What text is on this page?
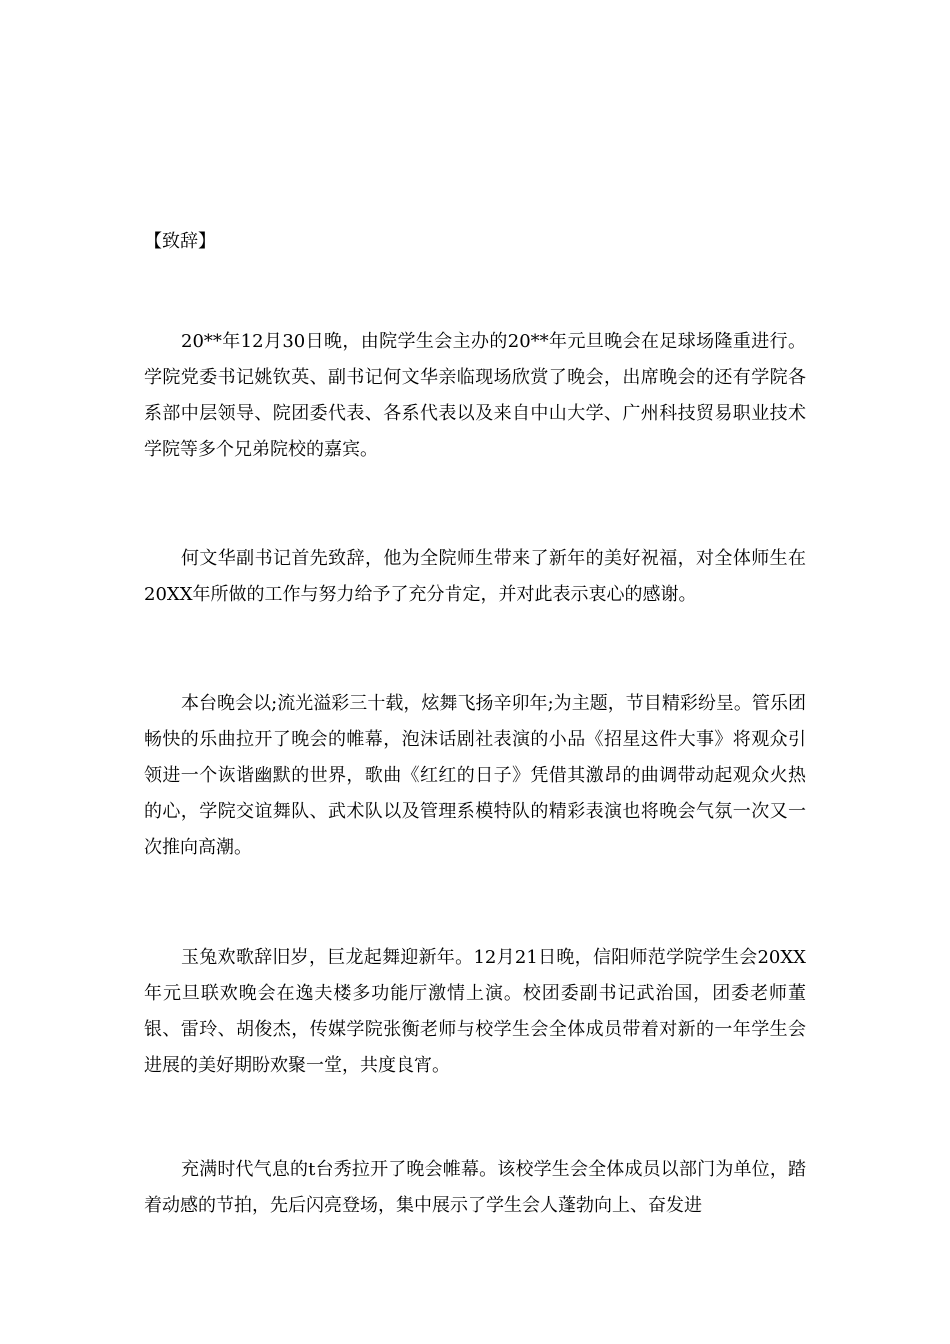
【致辞】

20**年12月30日晚，由院学生会主办的20**年元旦晚会在足球场隆重进行。学院党委书记姚钦英、副书记何文华亲临现场欣赏了晚会，出席晚会的还有学院各系部中层领导、院团委代表、各系代表以及来自中山大学、广州科技贸易职业技术学院等多个兄弟院校的嘉宾。

何文华副书记首先致辞，他为全院师生带来了新年的美好祝福，对全体师生在20XX年所做的工作与努力给予了充分肯定，并对此表示衷心的感谢。

本台晚会以;流光溢彩三十载，炫舞飞扬辛卯年;为主题，节目精彩纷呈。管乐团畅快的乐曲拉开了晚会的帷幕，泡沫话剧社表演的小品《招星这件大事》将观众引领进一个诙谐幽默的世界，歌曲《红红的日子》凭借其激昂的曲调带动起观众火热的心，学院交谊舞队、武术队以及管理系模特队的精彩表演也将晚会气氛一次又一次推向高潮。

玉兔欢歌辞旧岁，巨龙起舞迎新年。12月21日晚，信阳师范学院学生会20XX年元旦联欢晚会在逸夫楼多功能厅激情上演。校团委副书记武治国，团委老师董银、雷玲、胡俊杰，传媒学院张衡老师与校学生会全体成员带着对新的一年学生会进展的美好期盼欢聚一堂，共度良宵。

充满时代气息的t台秀拉开了晚会帷幕。该校学生会全体成员以部门为单位，踏着动感的节拍，先后闪亮登场，集中展示了学生会人蓬勃向上、奋发进
